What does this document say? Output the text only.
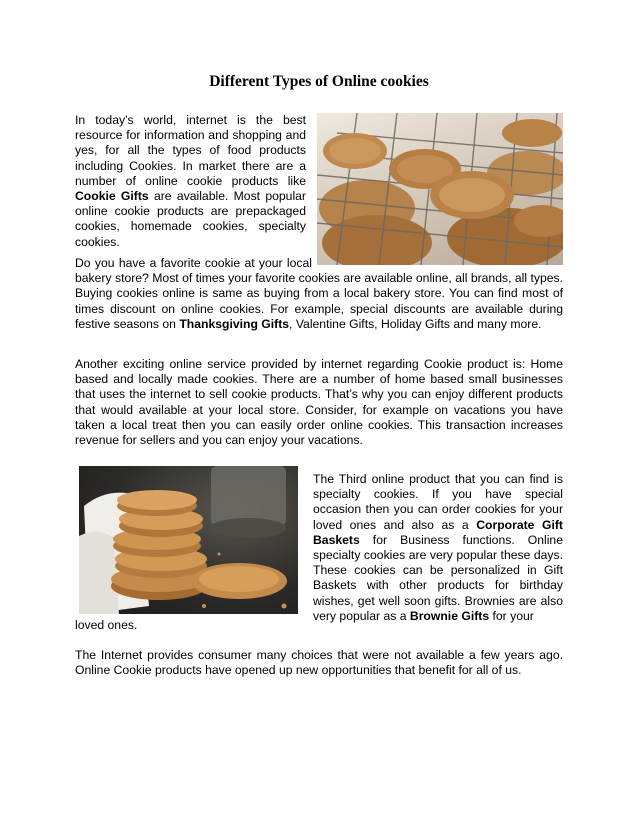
Different Types of Online cookies

In today’s world, internet is the best resource for information and shopping and yes, for all the types of food products including Cookies. In market there are a number of online cookie products like Cookie Gifts are available. Most popular online cookie products are prepackaged cookies, homemade cookies, specialty cookies.

Do you have a favorite cookie at your local bakery store? Most of times your favorite cookies are available online, all brands, all types. Buying cookies online is same as buying from a local bakery store. You can find most of times discount on online cookies. For example, special discounts are available during festive seasons on Thanksgiving Gifts, Valentine Gifts, Holiday Gifts and many more.

Another exciting online service provided by internet regarding Cookie product is: Home based and locally made cookies. There are a number of home based small businesses that uses the internet to sell cookie products. That’s why you can enjoy different products that would available at your local store. Consider, for example on vacations you have taken a local treat then you can easily order online cookies. This transaction increases revenue for sellers and you can enjoy your vacations.

The Third online product that you can find is specialty cookies. If you have special occasion then you can order cookies for your loved ones and also as a Corporate Gift Baskets for Business functions. Online specialty cookies are very popular these days. These cookies can be personalized in Gift Baskets with other products for birthday wishes, get well soon gifts. Brownies are also very popular as a Brownie Gifts for your

loved ones.

The Internet provides consumer many choices that were not available a few years ago. Online Cookie products have opened up new opportunities that benefit for all of us.
